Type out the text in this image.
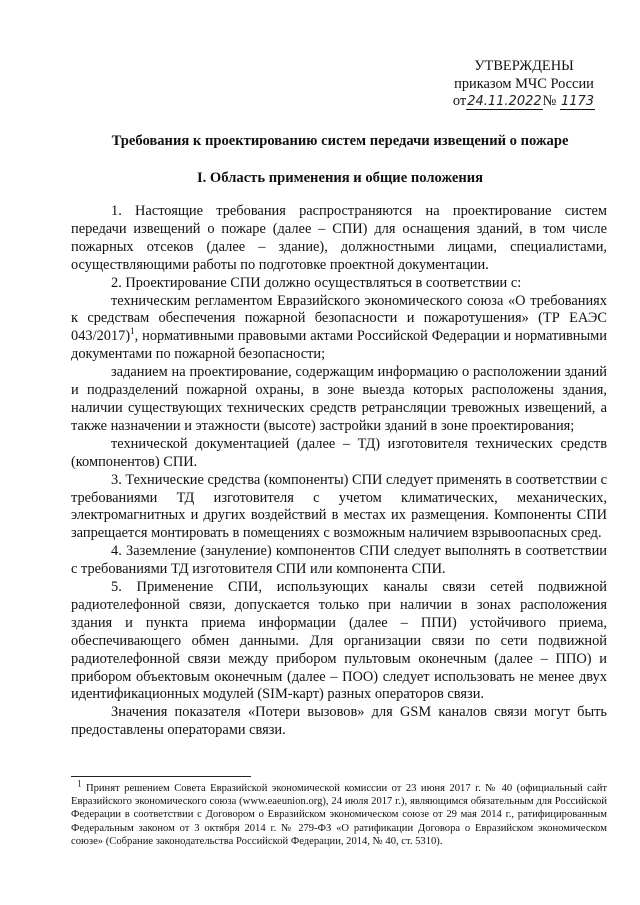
УТВЕРЖДЕНЫ
приказом МЧС России
от24.11.2022№ 1173
Требования к проектированию систем передачи извещений о пожаре
I. Область применения и общие положения

1. Настоящие требования распространяются на проектирование систем передачи извещений о пожаре (далее – СПИ) для оснащения зданий, в том числе пожарных отсеков (далее – здание), должностными лицами, специалистами, осуществляющими работы по подготовке проектной документации.

2. Проектирование СПИ должно осуществляться в соответствии с:

техническим регламентом Евразийского экономического союза «О требованиях к средствам обеспечения пожарной безопасности и пожаротушения» (ТР ЕАЭС 043/2017)$^1$, нормативными правовыми актами Российской Федерации и нормативными документами по пожарной безопасности;

заданием на проектирование, содержащим информацию о расположении зданий и подразделений пожарной охраны, в зоне выезда которых расположены здания, наличии существующих технических средств ретрансляции тревожных извещений, а также назначении и этажности (высоте) застройки зданий в зоне проектирования;

технической документацией (далее – ТД) изготовителя технических средств (компонентов) СПИ.

3. Технические средства (компоненты) СПИ следует применять в соответствии с требованиями ТД изготовителя с учетом климатических, механических, электромагнитных и других воздействий в местах их размещения. Компоненты СПИ запрещается монтировать в помещениях с возможным наличием взрывоопасных сред.

4. Заземление (зануление) компонентов СПИ следует выполнять в соответствии с требованиями ТД изготовителя СПИ или компонента СПИ.

5. Применение СПИ, использующих каналы связи сетей подвижной радиотелефонной связи, допускается только при наличии в зонах расположения здания и пункта приема информации (далее – ППИ) устойчивого приема, обеспечивающего обмен данными. Для организации связи по сети подвижной радиотелефонной связи между прибором пультовым оконечным (далее – ППО) и прибором объектовым оконечным (далее – ПОО) следует использовать не менее двух идентификационных модулей (SIM-карт) разных операторов связи.

Значения показателя «Потери вызовов» для GSM каналов связи могут быть предоставлены операторами связи.

$^1$ Принят решением Совета Евразийской экономической комиссии от 23 июня 2017 г. № 40 (официальный сайт Евразийского экономического союза (www.eaeunion.org), 24 июля 2017 г.), являющимся обязательным для Российской Федерации в соответствии с Договором о Евразийском экономическом союзе от 29 мая 2014 г., ратифицированным Федеральным законом от 3 октября 2014 г. № 279-ФЗ «О ратификации Договора о Евразийском экономическом союзе» (Собрание законодательства Российской Федерации, 2014, № 40, ст. 5310).
